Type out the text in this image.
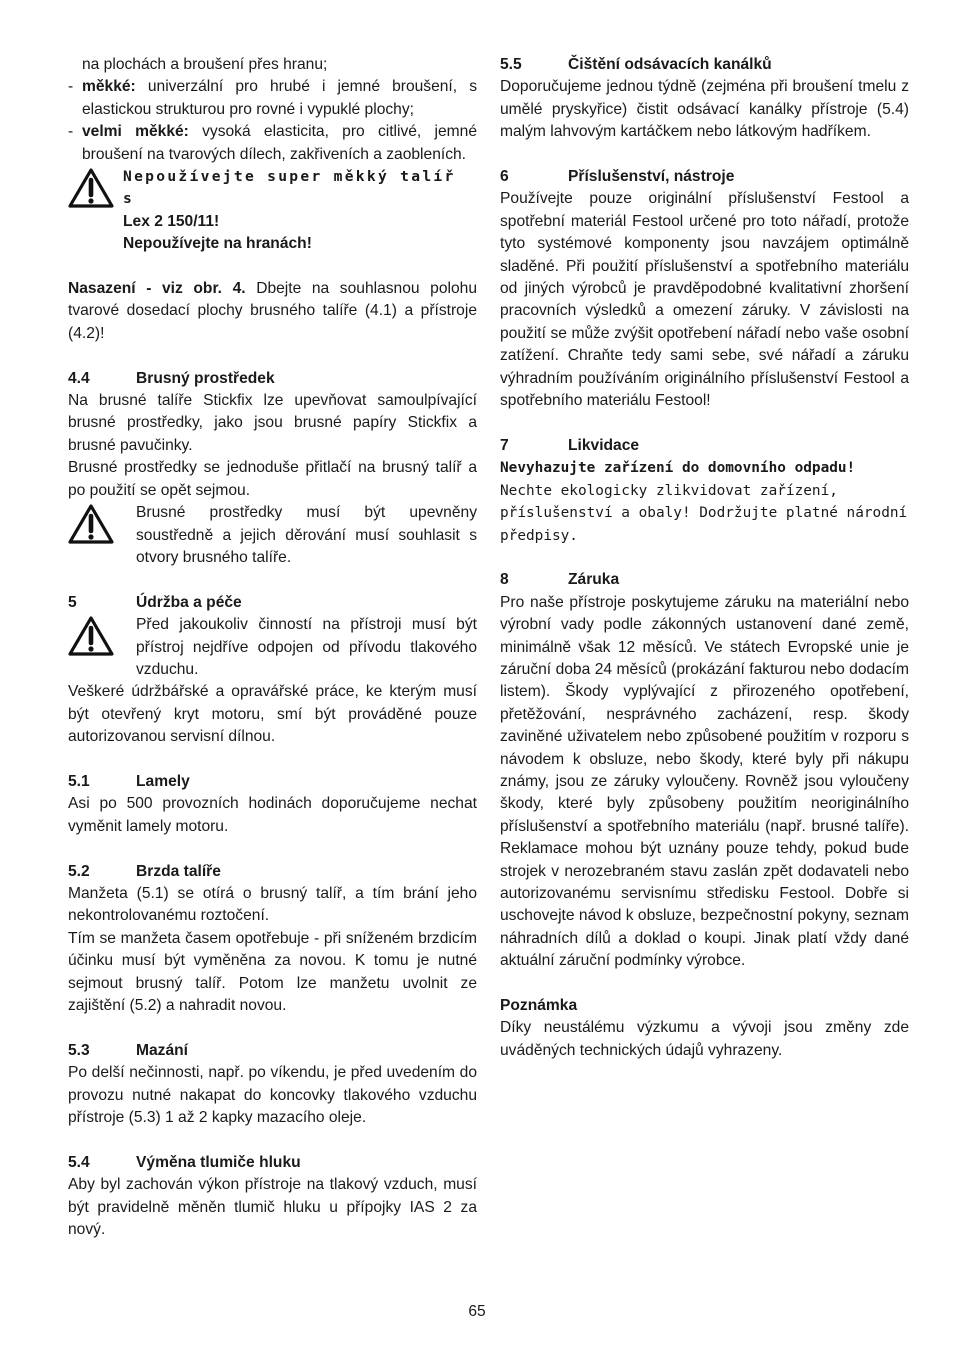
na plochách a broušení přes hranu;

- měkké: univerzální pro hrubé i jemné broušení, s elastickou strukturou pro rovné i vypuklé plochy;
- velmi měkké: vysoká elasticita, pro citlivé, jemné broušení na tvarových dílech, zakřiveních a zaobleních.
Nepoužívejte super měkký talíř s
Lex 2 150/11!
Nepoužívejte na hranách!

Nasazení - viz obr. 4. Dbejte na souhlasnou polohu tvarové dosedací plochy brusného talíře (4.1) a přístroje (4.2)!

4.4	Brusný prostředek

Na brusné talíře Stickfix lze upevňovat samoulpívající brusné prostředky, jako jsou brusné papíry Stickfix a brusné pavučinky.

Brusné prostředky se jednoduše přitlačí na brusný talíř a po použití se opět sejmou.

Brusné prostředky musí být upevněny soustředně a jejich děrování musí souhlasit s otvory brusného talíře.

5	Údržba a péče

Před jakoukoliv činností na přístroji musí být přístroj nejdříve odpojen od přívodu tlakového vzduchu.

Veškeré údržbářské a opravářské práce, ke kterým musí být otevřený kryt motoru, smí být prováděné pouze autorizovanou servisní dílnou.

5.1	Lamely

Asi po 500 provozních hodinách doporučujeme nechat vyměnit lamely motoru.

5.2	Brzda talíře

Manžeta (5.1) se otírá o brusný talíř, a tím brání jeho nekontrolovanému roztočení.

Tím se manžeta časem opotřebuje - při sníženém brzdicím účinku musí být vyměněna za novou. K tomu je nutné sejmout brusný talíř. Potom lze manžetu uvolnit ze zajištění (5.2) a nahradit novou.

5.3	Mazání

Po delší nečinnosti, např. po víkendu, je před uvedením do provozu nutné nakapat do koncovky tlakového vzduchu přístroje (5.3) 1 až 2 kapky mazacího oleje.

5.4	Výměna tlumiče hluku

Aby byl zachován výkon přístroje na tlakový vzduch, musí být pravidelně měněn tlumič hluku u přípojky IAS 2 za nový.

5.5	Čištění odsávacích kanálků

Doporučujeme jednou týdně (zejména při broušení tmelu z umělé pryskyřice) čistit odsávací kanálky přístroje (5.4) malým lahvovým kartáčkem nebo látkovým hadříkem.

6	Příslušenství, nástroje

Používejte pouze originální příslušenství Festool a spotřební materiál Festool určené pro toto nářadí, protože tyto systémové komponenty jsou navzájem optimálně sladěné. Při použití příslušenství a spotřebního materiálu od jiných výrobců je pravděpodobné kvalitativní zhoršení pracovních výsledků a omezení záruky. V závislosti na použití se může zvýšit opotřebení nářadí nebo vaše osobní zatížení. Chraňte tedy sami sebe, své nářadí a záruku výhradním používáním originálního příslušenství Festool a spotřebního materiálu Festool!

7	Likvidace

Nevyhazujte zařízení do domovního odpadu!

Nechte ekologicky zlikvidovat zařízení, příslušenství a obaly! Dodržujte platné národní předpisy.

8	Záruka

Pro naše přístroje poskytujeme záruku na materiální nebo výrobní vady podle zákonných ustanovení dané země, minimálně však 12 měsíců. Ve státech Evropské unie je záruční doba 24 měsíců (prokázání fakturou nebo dodacím listem). Škody vyplývající z přirozeného opotřebení, přetěžování, nesprávného zacházení, resp. škody zaviněné uživatelem nebo způsobené použitím v rozporu s návodem k obsluze, nebo škody, které byly při nákupu známy, jsou ze záruky vyloučeny. Rovněž jsou vyloučeny škody, které byly způsobeny použitím neoriginálního příslušenství a spotřebního materiálu (např. brusné talíře). Reklamace mohou být uznány pouze tehdy, pokud bude strojek v nerozebraném stavu zaslán zpět dodavateli nebo autorizovanému servisnímu středisku Festool. Dobře si uschovejte návod k obsluze, bezpečnostní pokyny, seznam náhradních dílů a doklad o koupi. Jinak platí vždy dané aktuální záruční podmínky výrobce.

Poznámka

Díky neustálému výzkumu a vývoji jsou změny zde uváděných technických údajů vyhrazeny.

65
